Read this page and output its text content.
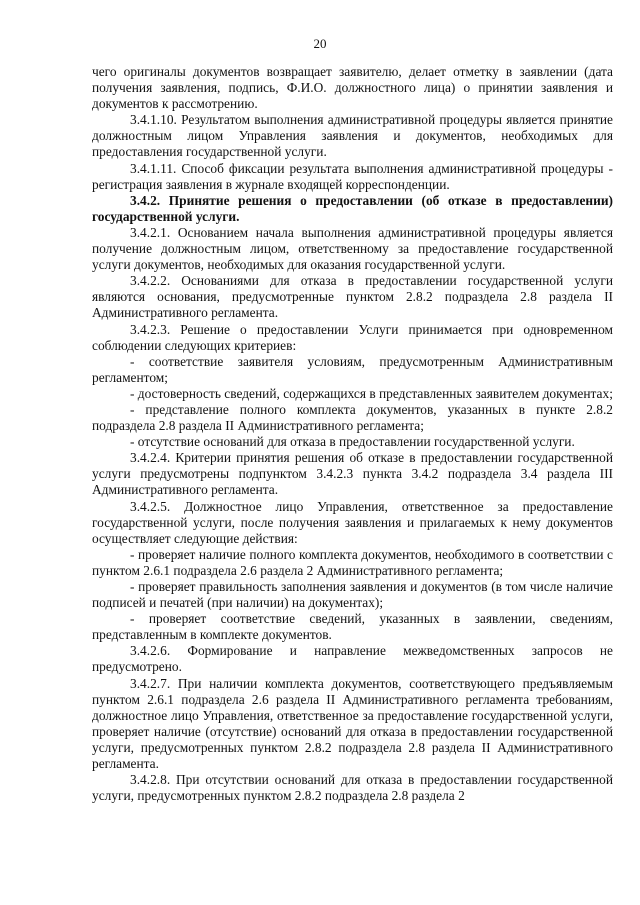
20

чего оригиналы документов возвращает заявителю, делает отметку в заявлении (дата получения заявления, подпись, Ф.И.О. должностного лица) о принятии заявления и документов к рассмотрению.

3.4.1.10. Результатом выполнения административной процедуры является принятие должностным лицом Управления заявления и документов, необходимых для предоставления государственной услуги.

3.4.1.11. Способ фиксации результата выполнения административной процедуры - регистрация заявления в журнале входящей корреспонденции.

3.4.2. Принятие решения о предоставлении (об отказе в предоставлении) государственной услуги.

3.4.2.1. Основанием начала выполнения административной процедуры является получение должностным лицом, ответственному за предоставление государственной услуги документов, необходимых для оказания государственной услуги.

3.4.2.2. Основаниями для отказа в предоставлении государственной услуги являются основания, предусмотренные пунктом 2.8.2 подраздела 2.8 раздела II Административного регламента.

3.4.2.3. Решение о предоставлении Услуги принимается при одновременном соблюдении следующих критериев:

- соответствие заявителя условиям, предусмотренным Административным регламентом;

- достоверность сведений, содержащихся в представленных заявителем документах;

- представление полного комплекта документов, указанных в пункте 2.8.2 подраздела 2.8 раздела II Административного регламента;

- отсутствие оснований для отказа в предоставлении государственной услуги.

3.4.2.4. Критерии принятия решения об отказе в предоставлении государственной услуги предусмотрены подпунктом 3.4.2.3 пункта 3.4.2 подраздела 3.4 раздела III Административного регламента.

3.4.2.5. Должностное лицо Управления, ответственное за предоставление государственной услуги, после получения заявления и прилагаемых к нему документов осуществляет следующие действия:

- проверяет наличие полного комплекта документов, необходимого в соответствии с пунктом 2.6.1 подраздела 2.6 раздела 2 Административного регламента;

- проверяет правильность заполнения заявления и документов (в том числе наличие подписей и печатей (при наличии) на документах);

- проверяет соответствие сведений, указанных в заявлении, сведениям, представленным в комплекте документов.

3.4.2.6. Формирование и направление межведомственных запросов не предусмотрено.

3.4.2.7. При наличии комплекта документов, соответствующего предъявляемым пунктом 2.6.1 подраздела 2.6 раздела II Административного регламента требованиям, должностное лицо Управления, ответственное за предоставление государственной услуги, проверяет наличие (отсутствие) оснований для отказа в предоставлении государственной услуги, предусмотренных пунктом 2.8.2 подраздела 2.8 раздела II Административного регламента.

3.4.2.8. При отсутствии оснований для отказа в предоставлении государственной услуги, предусмотренных пунктом 2.8.2 подраздела 2.8 раздела 2
